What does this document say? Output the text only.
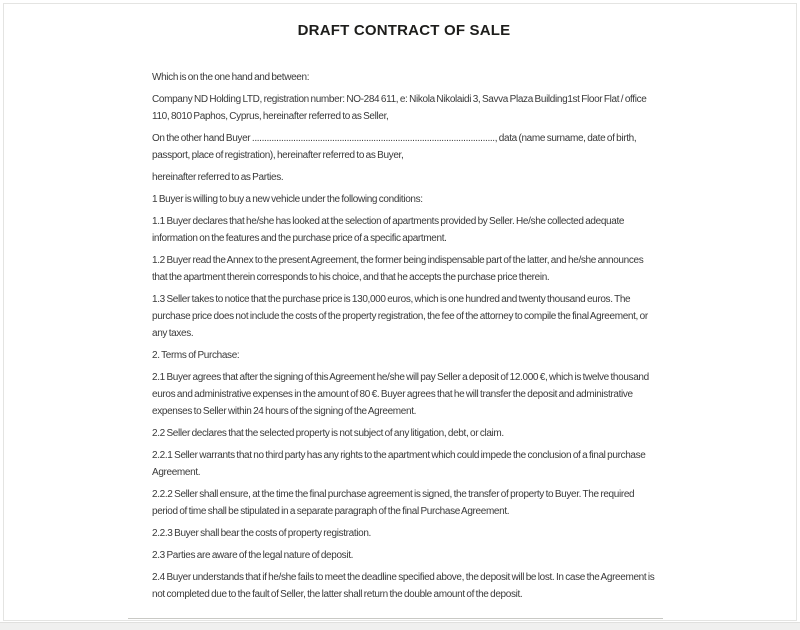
DRAFT CONTRACT OF SALE

Which is on the one hand and between:

Company ND Holding LTD, registration number: NO-284 611, e: Nikola Nikolaidi 3, Savva Plaza Building1st Floor Flat / office 110, 8010 Paphos, Cyprus, hereinafter referred to as Seller,

On the other hand Buyer ...................................................................................................., data (name surname, date of birth, passport, place of registration), hereinafter referred to as Buyer,

hereinafter referred to as Parties.

1 Buyer is willing to buy a new vehicle under the following conditions:

1.1 Buyer declares that he/she has looked at the selection of apartments provided by Seller. He/she collected adequate information on the features and the purchase price of a specific apartment.

1.2 Buyer read the Annex to the present Agreement, the former being indispensable part of the latter, and he/she announces that the apartment therein corresponds to his choice, and that he accepts the purchase price therein.

1.3 Seller takes to notice that the purchase price is 130,000 euros, which is one hundred and twenty thousand euros. The purchase price does not include the costs of the property registration, the fee of the attorney to compile the final Agreement, or any taxes.

2. Terms of Purchase:

2.1 Buyer agrees that after the signing of this Agreement he/she will pay Seller a deposit of 12.000 €, which is twelve thousand euros and administrative expenses in the amount of 80 €. Buyer agrees that he will transfer the deposit and administrative expenses to Seller within 24 hours of the signing of the Agreement.

2.2 Seller declares that the selected property is not subject of any litigation, debt, or claim.

2.2.1 Seller warrants that no third party has any rights to the apartment which could impede the conclusion of a final purchase Agreement.

2.2.2 Seller shall ensure, at the time the final purchase agreement is signed, the transfer of property to Buyer. The required period of time shall be stipulated in a separate paragraph of the final Purchase Agreement.

2.2.3 Buyer shall bear the costs of property registration.

2.3 Parties are aware of the legal nature of deposit.

2.4 Buyer understands that if he/she fails to meet the deadline specified above, the deposit will be lost. In case the Agreement is not completed due to the fault of Seller, the latter shall return the double amount of the deposit.
